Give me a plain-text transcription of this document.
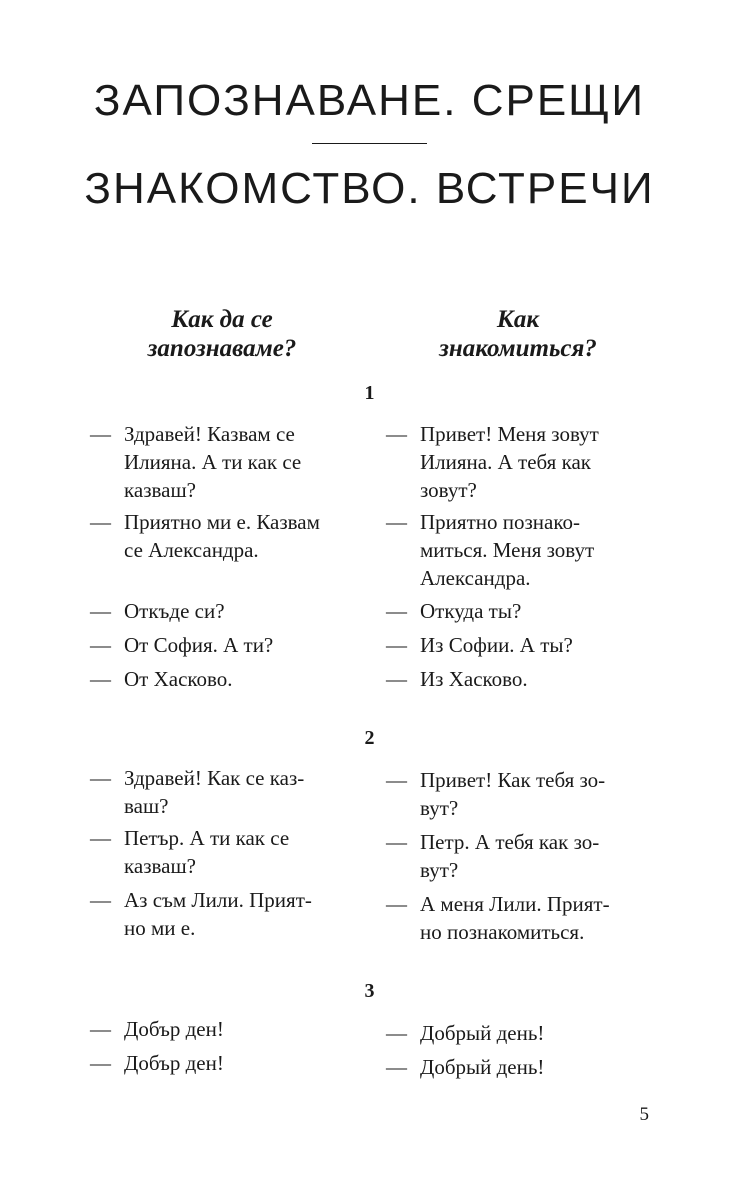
ЗАПОЗНАВАНЕ. СРЕЩИ
ЗНАКОМСТВО. ВСТРЕЧИ
Как да се
запознаваме?
Как
знакомиться?
1
— Здравей! Казвам се
Илияна. А ти как се
казваш?
— Приятно ми е. Казвам
се Александра.
— Откъде си?
— От София. А ти?
— От Хасково.
— Привет! Меня зовут
Илияна. А тебя как
зовут?
— Приятно познако-
миться. Меня зовут
Александра.
— Откуда ты?
— Из Софии. А ты?
— Из Хасково.
2
— Здравей! Как се каз-
ваш?
— Петър. А ти как се
казваш?
— Аз съм Лили. Прият-
но ми е.
— Привет! Как тебя зо-
вут?
— Петр. А тебя как зо-
вут?
— А меня Лили. Прият-
но познакомиться.
3
— Добър ден!
— Добър ден!
— Добрый день!
— Добрый день!
5
